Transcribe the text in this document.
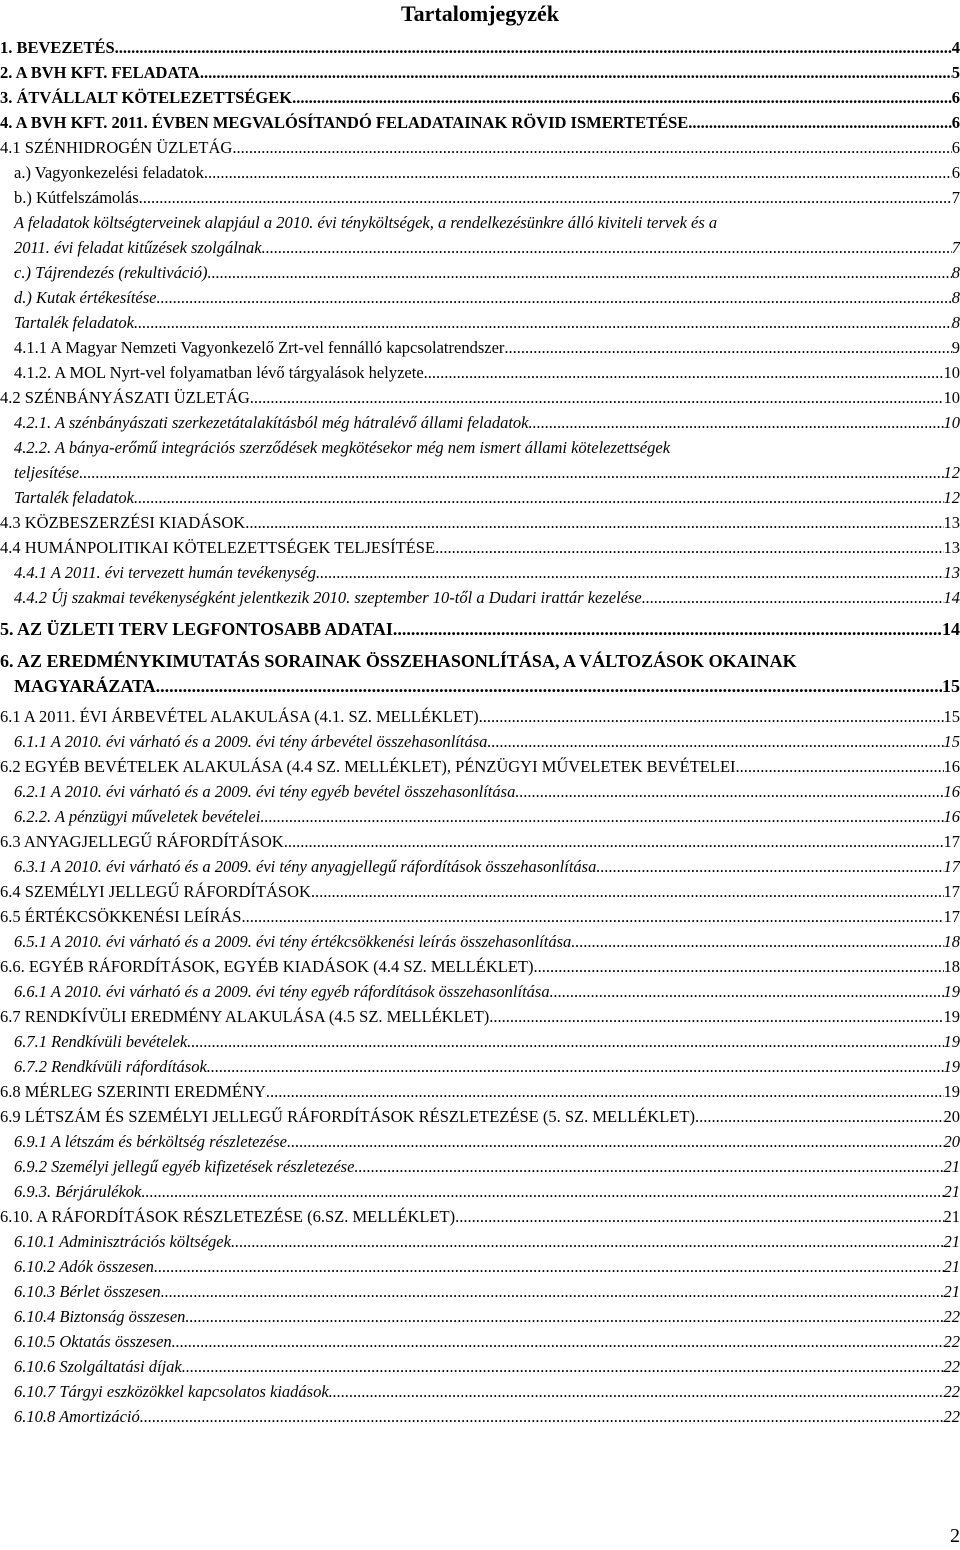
Tartalomjegyzék
1. BEVEZETÉS .....	4
2. A BVH KFT. FELADATA .....	5
3. ÁTVÁLLALT KÖTELEZETTSÉGEK .....	6
4. A BVH KFT. 2011. ÉVBEN MEGVALÓSÍTANDÓ FELADATAINAK RÖVID ISMERTETÉSE .....	6
4.1 SZÉNHIDROGÉN ÜZLETÁG .....	6
a.) Vagyonkezelési feladatok .....	6
b.) Kútfelszámolás .....	7
A feladatok költségterveinek alapjául a 2010. évi tényköltségek, a rendelkezésünkre álló kiviteli tervek és a
2011. évi feladat kitűzések szolgálnak. .....	7
c.) Tájrendezés (rekultiváció) .....	8
d.) Kutak értékesítése .....	8
Tartalék feladatok .....	8
4.1.1 A Magyar Nemzeti Vagyonkezelő Zrt-vel fennálló kapcsolatrendszer .....	9
4.1.2. A MOL Nyrt-vel folyamatban lévő tárgyalások helyzete .....	10
4.2 SZÉNBÁNYÁSZATI ÜZLETÁG .....	10
4.2.1. A szénbányászati szerkezetátalakításból még hátralévő állami feladatok .....	10
4.2.2. A bánya-erőmű integrációs szerződések megkötésekor még nem ismert állami kötelezettségek
teljesítése .....	12
Tartalék feladatok .....	12
4.3 KÖZBESZERZÉSI KIADÁSOK .....	13
4.4 HUMÁNPOLITIKAI KÖTELEZETTSÉGEK TELJESÍTÉSE .....	13
4.4.1 A 2011. évi tervezett humán tevékenység .....	13
4.4.2 Új szakmai tevékenységként jelentkezik 2010. szeptember 10-től a Dudari irattár kezelése .....	14
5. AZ ÜZLETI TERV LEGFONTOSABB ADATAI .....	14
6. AZ EREDMÉNYKIMUTATÁS SORAINAK ÖSSZEHASONLÍTÁSA, A VÁLTOZÁSOK OKAINAK
MAGYARÁZATA .....	15
6.1 A 2011. ÉVI ÁRBEVÉTEL ALAKULÁSA (4.1. SZ. MELLÉKLET) .....	15
6.1.1 A 2010. évi várható és a 2009. évi tény árbevétel összehasonlítása .....	15
6.2 EGYÉB BEVÉTELEK ALAKULÁSA (4.4 SZ. MELLÉKLET), PÉNZÜGYI MŰVELETEK BEVÉTELEI .....	16
6.2.1 A 2010. évi várható és a 2009. évi tény egyéb bevétel összehasonlítása .....	16
6.2.2. A pénzügyi műveletek bevételei .....	16
6.3 ANYAGJELLEGŰ RÁFORDÍTÁSOK .....	17
6.3.1 A 2010. évi várható és a 2009. évi tény anyagjellegű ráfordítások összehasonlítása .....	17
6.4 SZEMÉLYI JELLEGŰ RÁFORDÍTÁSOK .....	17
6.5 ÉRTÉKCSÖKKENÉSI LEÍRÁS .....	17
6.5.1 A 2010. évi várható és a 2009. évi tény értékcsökkenési leírás összehasonlítása .....	18
6.6. EGYÉB RÁFORDÍTÁSOK, EGYÉB KIADÁSOK (4.4 SZ. MELLÉKLET) .....	18
6.6.1 A 2010. évi várható és a 2009. évi tény egyéb ráfordítások összehasonlítása .....	19
6.7 RENDKÍVÜLI EREDMÉNY ALAKULÁSA (4.5 SZ. MELLÉKLET) .....	19
6.7.1 Rendkívüli bevételek .....	19
6.7.2 Rendkívüli ráfordítások .....	19
6.8 MÉRLEG SZERINTI EREDMÉNY .....	19
6.9 LÉTSZÁM ÉS SZEMÉLYI JELLEGŰ RÁFORDÍTÁSOK RÉSZLETEZÉSE (5. SZ. MELLÉKLET) .....	20
6.9.1 A létszám és bérköltség részletezése .....	20
6.9.2 Személyi jellegű egyéb kifizetések részletezése .....	21
6.9.3. Bérjárulékok .....	21
6.10. A RÁFORDÍTÁSOK RÉSZLETEZÉSE (6.SZ. MELLÉKLET) .....	21
6.10.1 Adminisztrációs költségek .....	21
6.10.2 Adók összesen .....	21
6.10.3 Bérlet összesen .....	21
6.10.4 Biztonság összesen .....	22
6.10.5 Oktatás összesen .....	22
6.10.6 Szolgáltatási díjak .....	22
6.10.7 Tárgyi eszközökkel kapcsolatos kiadások .....	22
6.10.8 Amortizáció .....	22
2
